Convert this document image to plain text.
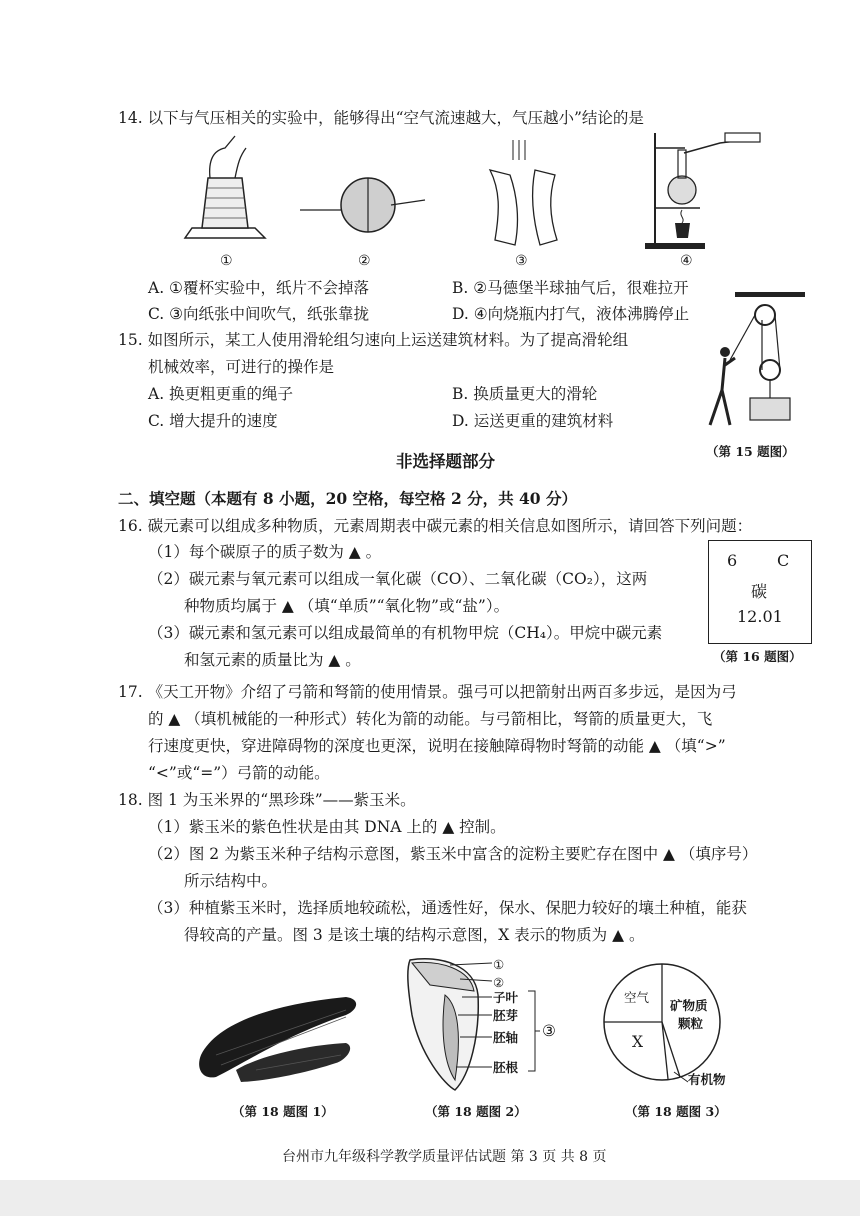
14. 以下与气压相关的实验中，能够得出“空气流速越大，气压越小”结论的是
①	②	③	④
A. ①覆杯实验中，纸片不会掉落	B. ②马德堡半球抽气后，很难拉开
C. ③向纸张中间吹气，纸张靠拢	D. ④向烧瓶内打气，液体沸腾停止
15. 如图所示，某工人使用滑轮组匀速向上运送建筑材料。为了提高滑轮组
机械效率，可进行的操作是
A. 换更粗更重的绳子	B. 换质量更大的滑轮
C. 增大提升的速度	D. 运送更重的建筑材料
（第 15 题图）
非选择题部分
二、填空题（本题有 8 小题，20 空格，每空格 2 分，共 40 分）
16. 碳元素可以组成多种物质，元素周期表中碳元素的相关信息如图所示，请回答下列问题：
（1）每个碳原子的质子数为 ▲ 。
（2）碳元素与氧元素可以组成一氧化碳（CO）、二氧化碳（CO₂），这两
种物质均属于 ▲ （填“单质”“氧化物”或“盐”）。
（3）碳元素和氢元素可以组成最简单的有机物甲烷（CH₄）。甲烷中碳元素
和氢元素的质量比为 ▲ 。
6 C
碳
12.01
（第 16 题图）
17. 《天工开物》介绍了弓箭和弩箭的使用情景。强弓可以把箭射出两百多步远，是因为弓
的 ▲ （填机械能的一种形式）转化为箭的动能。与弓箭相比，弩箭的质量更大，飞
行速度更快，穿进障碍物的深度也更深，说明在接触障碍物时弩箭的动能 ▲ （填“>”
“<”或“=”）弓箭的动能。
18. 图 1 为玉米界的“黑珍珠”——紫玉米。
（1）紫玉米的紫色性状是由其 DNA 上的 ▲ 控制。
（2）图 2 为紫玉米种子结构示意图，紫玉米中富含的淀粉主要贮存在图中 ▲ （填序号）
所示结构中。
（3）种植紫玉米时，选择质地较疏松，通透性好，保水、保肥力较好的壤土种植，能获
得较高的产量。图 3 是该土壤的结构示意图，X 表示的物质为 ▲ 。
（第 18 题图 1）
①
②
子叶
胚芽
胚轴
胚根
③
（第 18 题图 2）
空气
矿物质
颗粒
X
有机物
（第 18 题图 3）
台州市九年级科学教学质量评估试题 第 3 页 共 8 页
